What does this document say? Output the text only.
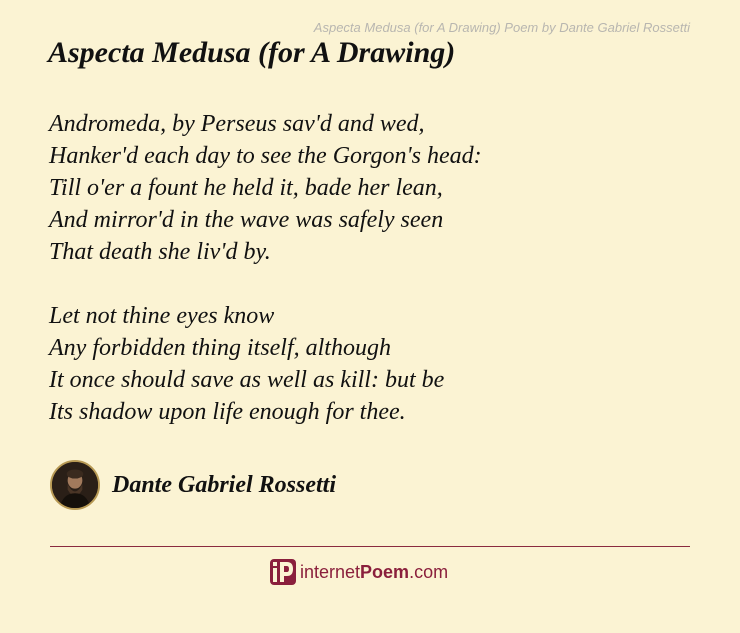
Aspecta Medusa (for A Drawing) Poem by Dante Gabriel Rossetti
Aspecta Medusa (for A Drawing)
Andromeda, by Perseus sav'd and wed,
Hanker'd each day to see the Gorgon's head:
Till o'er a fount he held it, bade her lean,
And mirror'd in the wave was safely seen
That death she liv'd by.
Let not thine eyes know
Any forbidden thing itself, although
It once should save as well as kill: but be
Its shadow upon life enough for thee.
Dante Gabriel Rossetti
internet Poem .com
